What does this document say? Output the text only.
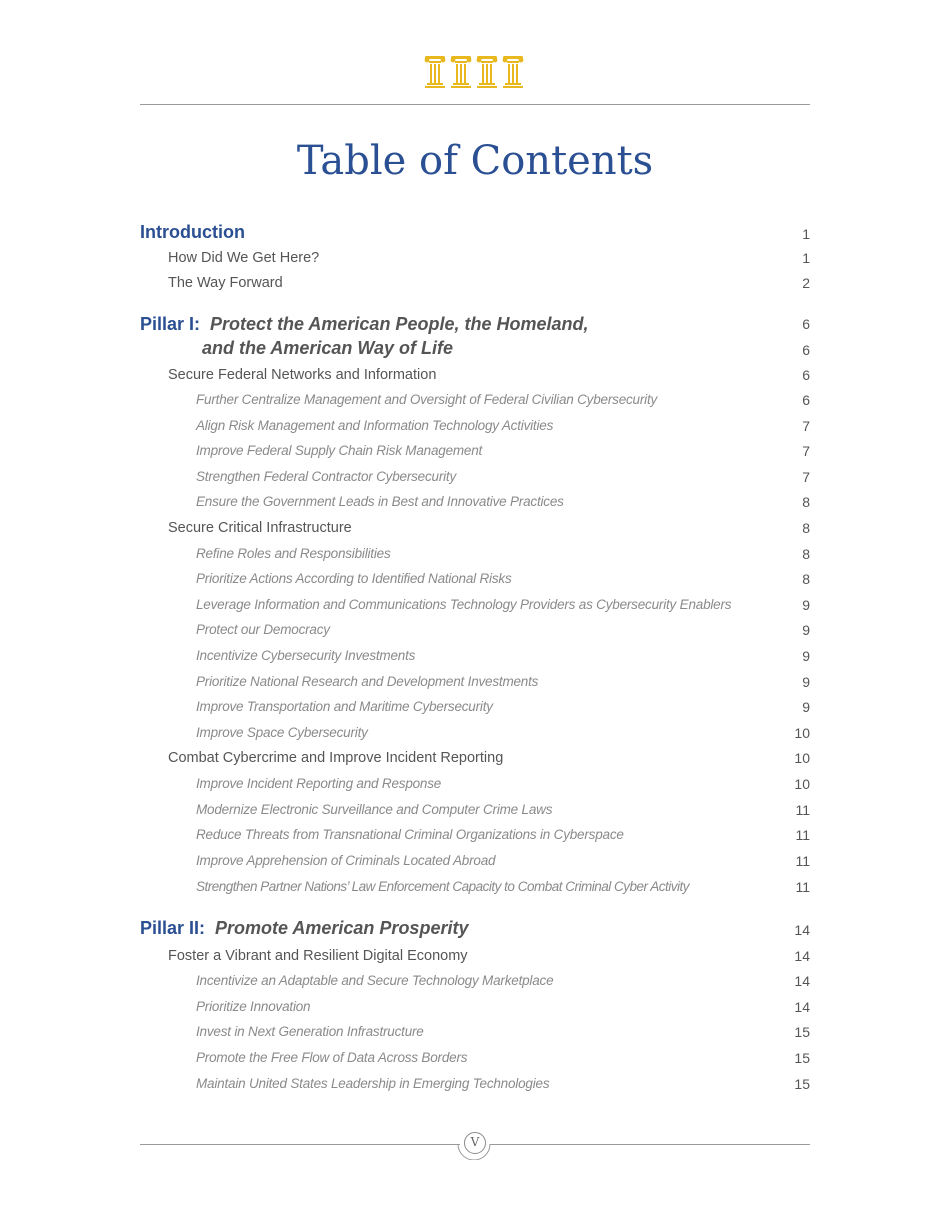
Table of Contents
Introduction	1
How Did We Get Here?	1
The Way Forward	2
Pillar I: Protect the American People, the Homeland,	6
and the American Way of Life	6
Secure Federal Networks and Information	6
Further Centralize Management and Oversight of Federal Civilian Cybersecurity	6
Align Risk Management and Information Technology Activities	7
Improve Federal Supply Chain Risk Management	7
Strengthen Federal Contractor Cybersecurity	7
Ensure the Government Leads in Best and Innovative Practices	8
Secure Critical Infrastructure	8
Refine Roles and Responsibilities	8
Prioritize Actions According to Identified National Risks	8
Leverage Information and Communications Technology Providers as Cybersecurity Enablers	9
Protect our Democracy	9
Incentivize Cybersecurity Investments	9
Prioritize National Research and Development Investments	9
Improve Transportation and Maritime Cybersecurity	9
Improve Space Cybersecurity	10
Combat Cybercrime and Improve Incident Reporting	10
Improve Incident Reporting and Response	10
Modernize Electronic Surveillance and Computer Crime Laws	11
Reduce Threats from Transnational Criminal Organizations in Cyberspace	11
Improve Apprehension of Criminals Located Abroad	11
Strengthen Partner Nations’ Law Enforcement Capacity to Combat Criminal Cyber Activity	11
Pillar II: Promote American Prosperity	14
Foster a Vibrant and Resilient Digital Economy	14
Incentivize an Adaptable and Secure Technology Marketplace	14
Prioritize Innovation	14
Invest in Next Generation Infrastructure	15
Promote the Free Flow of Data Across Borders	15
Maintain United States Leadership in Emerging Technologies	15
V
